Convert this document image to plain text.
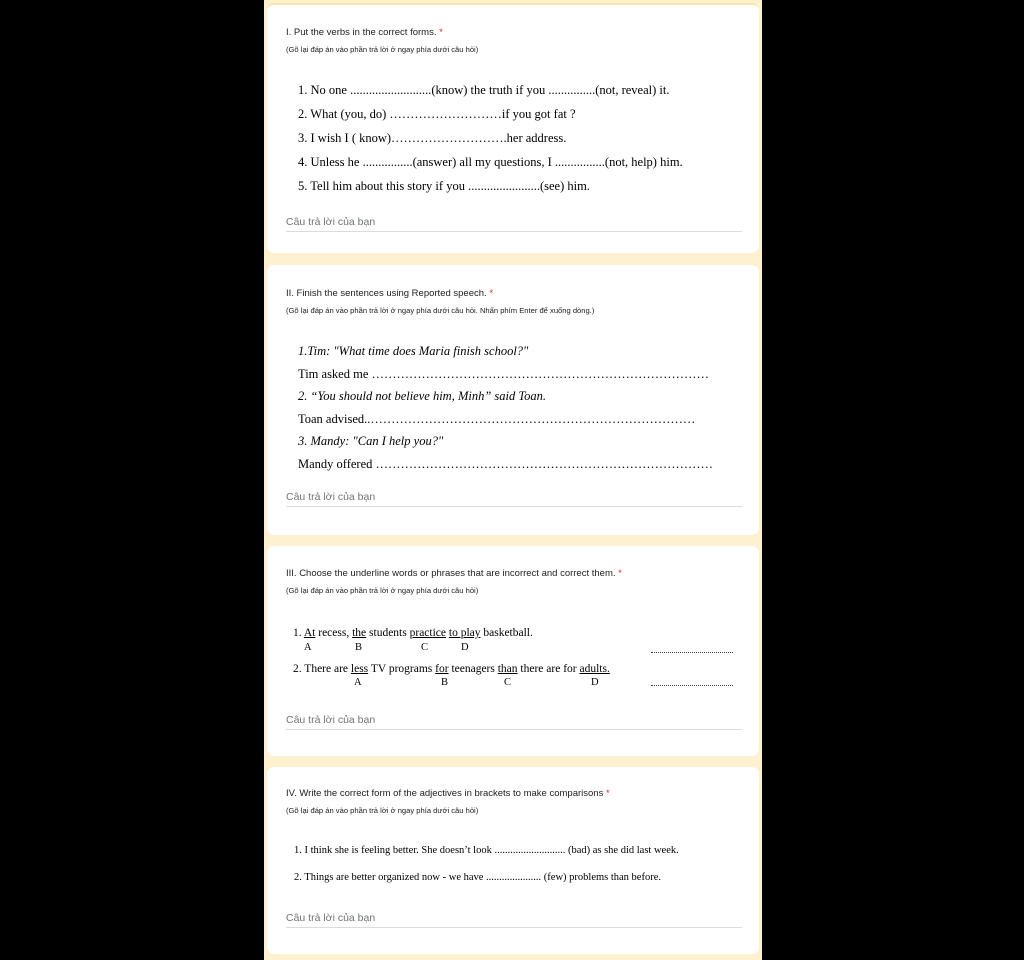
I. Put the verbs in the correct forms. *
(Gõ lại đáp án vào phần trả lời ở ngay phía dưới câu hỏi)
1. No one ..........................(know) the truth if you ...............(not, reveal) it.
2. What (you, do) ………………………if you got fat ?
3. I wish I ( know)……………………….her address.
4. Unless he ................(answer) all my questions, I ................(not, help) him.
5. Tell him about this story if you .......................(see) him.
Câu trả lời của bạn
II. Finish the sentences using Reported speech. *
(Gõ lại đáp án vào phần trả lời ở ngay phía dưới câu hỏi. Nhấn phím Enter để xuống dòng.)
1.Tim: "What time does Maria finish school?"
Tim asked me ………………………………………………………………………
2. “You should not believe him, Minh” said Toan.
Toan advised..……………………………………………………………………
3. Mandy: "Can I help you?"
Mandy offered ………………………………………………………………………
Câu trả lời của bạn
III. Choose the underline words or phrases that are incorrect and correct them. *
(Gõ lại đáp án vào phần trả lời ở ngay phía dưới câu hỏi)
1. At recess, the students practice to play basketball.
A	B	C	D
2. There are less TV programs for teenagers than there are for adults.
A	B	C	D
Câu trả lời của bạn
IV. Write the correct form of the adjectives in brackets to make comparisons *
(Gõ lại đáp án vào phần trả lời ở ngay phía dưới câu hỏi)
1. I think she is feeling better. She doesn’t look ........................... (bad) as she did last week.
2. Things are better organized now - we have ..................... (few) problems than before.
Câu trả lời của bạn
